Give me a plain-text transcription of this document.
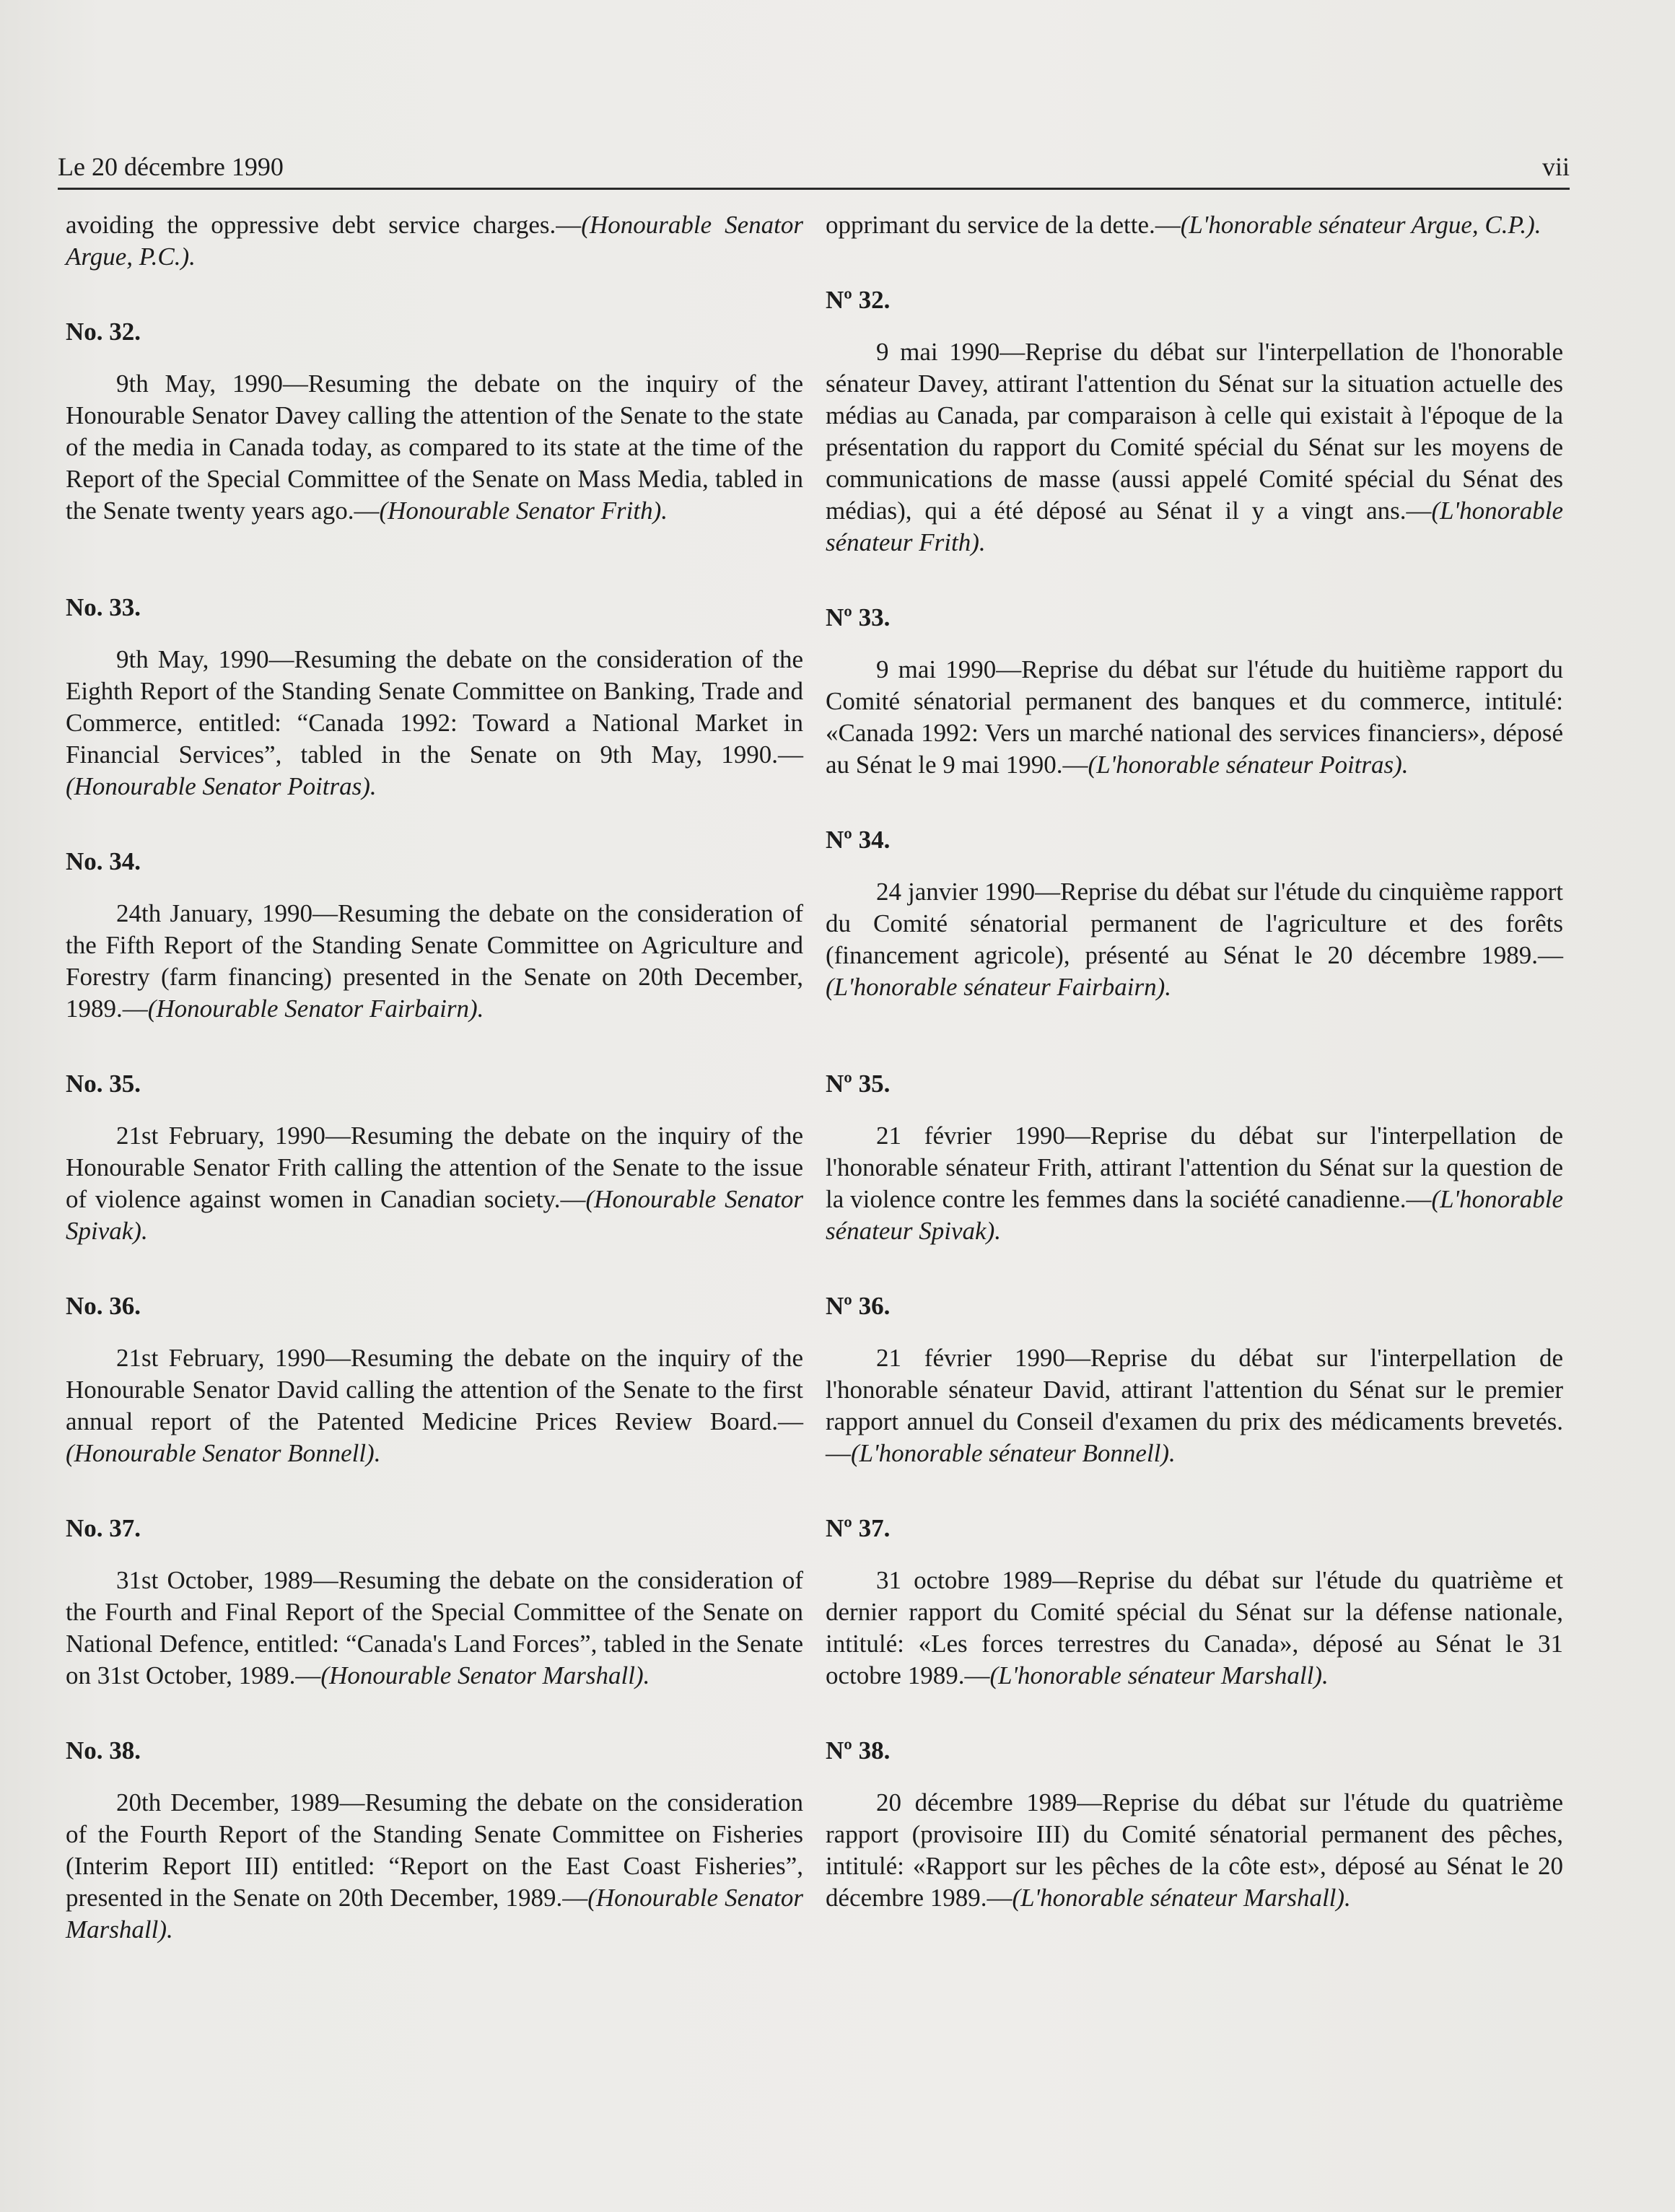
Le 20 décembre 1990	vii

avoiding the oppressive debt service charges.—(Honourable Senator Argue, P.C.).

No. 32.

9th May, 1990—Resuming the debate on the inquiry of the Honourable Senator Davey calling the attention of the Senate to the state of the media in Canada today, as compared to its state at the time of the Report of the Special Committee of the Senate on Mass Media, tabled in the Senate twenty years ago.—(Honourable Senator Frith).

No. 33.

9th May, 1990—Resuming the debate on the consideration of the Eighth Report of the Standing Senate Committee on Banking, Trade and Commerce, entitled: “Canada 1992: Toward a National Market in Financial Services”, tabled in the Senate on 9th May, 1990.—(Honourable Senator Poitras).

No. 34.

24th January, 1990—Resuming the debate on the consideration of the Fifth Report of the Standing Senate Committee on Agriculture and Forestry (farm financing) presented in the Senate on 20th December, 1989.—(Honourable Senator Fairbairn).

No. 35.

21st February, 1990—Resuming the debate on the inquiry of the Honourable Senator Frith calling the attention of the Senate to the issue of violence against women in Canadian society.—(Honourable Senator Spivak).

No. 36.

21st February, 1990—Resuming the debate on the inquiry of the Honourable Senator David calling the attention of the Senate to the first annual report of the Patented Medicine Prices Review Board.—(Honourable Senator Bonnell).

No. 37.

31st October, 1989—Resuming the debate on the consideration of the Fourth and Final Report of the Special Committee of the Senate on National Defence, entitled: “Canada's Land Forces”, tabled in the Senate on 31st October, 1989.—(Honourable Senator Marshall).

No. 38.

20th December, 1989—Resuming the debate on the consideration of the Fourth Report of the Standing Senate Committee on Fisheries (Interim Report III) entitled: “Report on the East Coast Fisheries”, presented in the Senate on 20th December, 1989.—(Honourable Senator Marshall).

opprimant du service de la dette.—(L'honorable sénateur Argue, C.P.).

Nº 32.

9 mai 1990—Reprise du débat sur l'interpellation de l'honorable sénateur Davey, attirant l'attention du Sénat sur la situation actuelle des médias au Canada, par comparaison à celle qui existait à l'époque de la présentation du rapport du Comité spécial du Sénat sur les moyens de communications de masse (aussi appelé Comité spécial du Sénat des médias), qui a été déposé au Sénat il y a vingt ans.—(L'honorable sénateur Frith).

Nº 33.

9 mai 1990—Reprise du débat sur l'étude du huitième rapport du Comité sénatorial permanent des banques et du commerce, intitulé: «Canada 1992: Vers un marché national des services financiers», déposé au Sénat le 9 mai 1990.—(L'honorable sénateur Poitras).

Nº 34.

24 janvier 1990—Reprise du débat sur l'étude du cinquième rapport du Comité sénatorial permanent de l'agriculture et des forêts (financement agricole), présenté au Sénat le 20 décembre 1989.—(L'honorable sénateur Fairbairn).

Nº 35.

21 février 1990—Reprise du débat sur l'interpellation de l'honorable sénateur Frith, attirant l'attention du Sénat sur la question de la violence contre les femmes dans la société canadienne.—(L'honorable sénateur Spivak).

Nº 36.

21 février 1990—Reprise du débat sur l'interpellation de l'honorable sénateur David, attirant l'attention du Sénat sur le premier rapport annuel du Conseil d'examen du prix des médicaments brevetés.—(L'honorable sénateur Bonnell).

Nº 37.

31 octobre 1989—Reprise du débat sur l'étude du quatrième et dernier rapport du Comité spécial du Sénat sur la défense nationale, intitulé: «Les forces terrestres du Canada», déposé au Sénat le 31 octobre 1989.—(L'honorable sénateur Marshall).

Nº 38.

20 décembre 1989—Reprise du débat sur l'étude du quatrième rapport (provisoire III) du Comité sénatorial permanent des pêches, intitulé: «Rapport sur les pêches de la côte est», déposé au Sénat le 20 décembre 1989.—(L'honorable sénateur Marshall).
